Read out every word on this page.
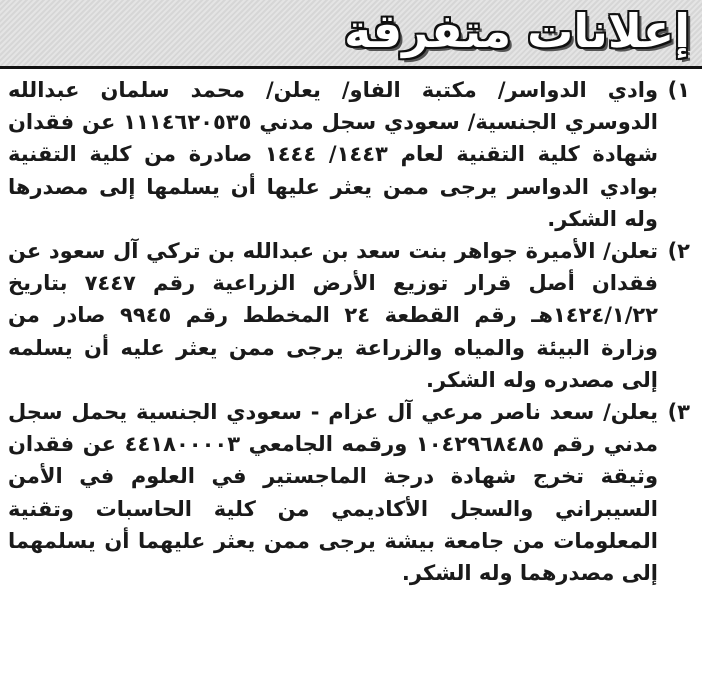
إعلانات متفرقة
١)

وادي الدواسر/ مكتبة الفاو/ يعلن/ محمد سلمان عبدالله الدوسري الجنسية/ سعودي سجل مدني ١١١٤٦٢٠٥٣٥ عن فقدان شهادة كلية التقنية لعام ١٤٤٣/ ١٤٤٤ صادرة من كلية التقنية بوادي الدواسر يرجى ممن يعثر عليها أن يسلمها إلى مصدرها وله الشكر.

٢)

تعلن/ الأميرة جواهر بنت سعد بن عبدالله بن تركي آل سعود عن فقدان أصل قرار توزيع الأرض الزراعية رقم ٧٤٤٧ بتاريخ ١٤٢٤/١/٢٢هـ رقم القطعة ٢٤ المخطط رقم ٩٩٤٥ صادر من وزارة البيئة والمياه والزراعة يرجى ممن يعثر عليه أن يسلمه إلى مصدره وله الشكر.

٣)

يعلن/ سعد ناصر مرعي آل عزام - سعودي الجنسية يحمل سجل مدني رقم ١٠٤٢٩٦٨٤٨٥ ورقمه الجامعي ٤٤١٨٠٠٠٠٣ عن فقدان وثيقة تخرج شهادة درجة الماجستير في العلوم في الأمن السيبراني والسجل الأكاديمي من كلية الحاسبات وتقنية المعلومات من جامعة بيشة يرجى ممن يعثر عليهما أن يسلمهما إلى مصدرهما وله الشكر.
